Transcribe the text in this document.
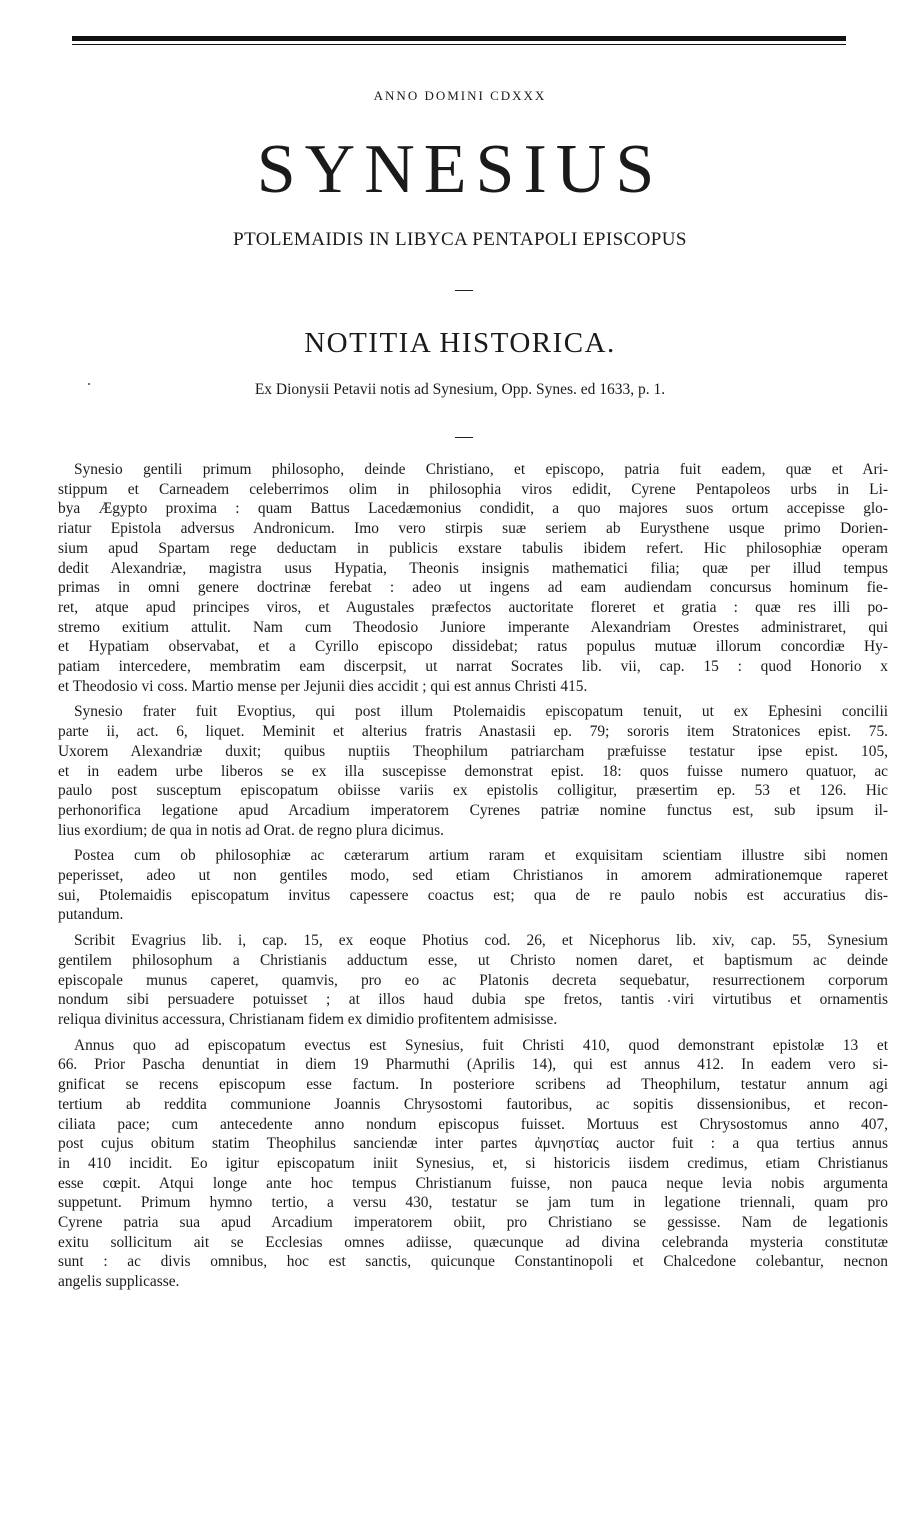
ANNO DOMINI CDXXX
SYNESIUS
PTOLEMAIDIS IN LIBYCA PENTAPOLI EPISCOPUS
NOTITIA HISTORICA.
Ex Dionysii Petavii notis ad Synesium, Opp. Synes. ed 1633, p. 1.

Synesio gentili primum philosopho, deinde Christiano, et episcopo, patria fuit eadem, quæ et Ari-
stippum et Carneadem celeberrimos olim in philosophia viros edidit, Cyrene Pentapoleos urbs in Li-
bya Ægypto proxima : quam Battus Lacedæmonius condidit, a quo majores suos ortum accepisse glo-
riatur Epistola adversus Andronicum. Imo vero stirpis suæ seriem ab Eurysthene usque primo Dorien-
sium apud Spartam rege deductam in publicis exstare tabulis ibidem refert. Hic philosophiæ operam
dedit Alexandriæ, magistra usus Hypatia, Theonis insignis mathematici filia; quæ per illud tempus
primas in omni genere doctrinæ ferebat : adeo ut ingens ad eam audiendam concursus hominum fie-
ret, atque apud principes viros, et Augustales præfectos auctoritate floreret et gratia : quæ res illi po-
stremo exitium attulit. Nam cum Theodosio Juniore imperante Alexandriam Orestes administraret, qui
et Hypatiam observabat, et a Cyrillo episcopo dissidebat; ratus populus mutuæ illorum concordiæ Hy-
patiam intercedere, membratim eam discerpsit, ut narrat Socrates lib. vii, cap. 15 : quod Honorio x
et Theodosio vi coss. Martio mense per Jejunii dies accidit ; qui est annus Christi 415.

Synesio frater fuit Evoptius, qui post illum Ptolemaidis episcopatum tenuit, ut ex Ephesini concilii
parte ii, act. 6, liquet. Meminit et alterius fratris Anastasii ep. 79; sororis item Stratonices epist. 75.
Uxorem Alexandriæ duxit; quibus nuptiis Theophilum patriarcham præfuisse testatur ipse epist. 105,
et in eadem urbe liberos se ex illa suscepisse demonstrat epist. 18: quos fuisse numero quatuor, ac
paulo post susceptum episcopatum obiisse variis ex epistolis colligitur, præsertim ep. 53 et 126. Hic
perhonorifica legatione apud Arcadium imperatorem Cyrenes patriæ nomine functus est, sub ipsum il-
lius exordium; de qua in notis ad Orat. de regno plura dicimus.

Postea cum ob philosophiæ ac cæterarum artium raram et exquisitam scientiam illustre sibi nomen
peperisset, adeo ut non gentiles modo, sed etiam Christianos in amorem admirationemque raperet
sui, Ptolemaidis episcopatum invitus capessere coactus est; qua de re paulo nobis est accuratius dis-
putandum.

Scribit Evagrius lib. i, cap. 15, ex eoque Photius cod. 26, et Nicephorus lib. xiv, cap. 55, Synesium
gentilem philosophum a Christianis adductum esse, ut Christo nomen daret, et baptismum ac deinde
episcopale munus caperet, quamvis, pro eo ac Platonis decreta sequebatur, resurrectionem corporum
nondum sibi persuadere potuisset ; at illos haud dubia spe fretos, tantis viri virtutibus et ornamentis
reliqua divinitus accessura, Christianam fidem ex dimidio profitentem admisisse.

Annus quo ad episcopatum evectus est Synesius, fuit Christi 410, quod demonstrant epistolæ 13 et
66. Prior Pascha denuntiat in diem 19 Pharmuthi (Aprilis 14), qui est annus 412. In eadem vero si-
gnificat se recens episcopum esse factum. In posteriore scribens ad Theophilum, testatur annum agi
tertium ab reddita communione Joannis Chrysostomi fautoribus, ac sopitis dissensionibus, et recon-
ciliata pace; cum antecedente anno nondum episcopus fuisset. Mortuus est Chrysostomus anno 407,
post cujus obitum statim Theophilus sanciendæ inter partes ἀμνηστίας auctor fuit : a qua tertius annus
in 410 incidit. Eo igitur episcopatum iniit Synesius, et, si historicis iisdem credimus, etiam Christianus
esse cœpit. Atqui longe ante hoc tempus Christianum fuisse, non pauca neque levia nobis argumenta
suppetunt. Primum hymno tertio, a versu 430, testatur se jam tum in legatione triennali, quam pro
Cyrene patria sua apud Arcadium imperatorem obiit, pro Christiano se gessisse. Nam de legationis
exitu sollicitum ait se Ecclesias omnes adiisse, quæcunque ad divina celebranda mysteria constitutæ
sunt : ac divis omnibus, hoc est sanctis, quicunque Constantinopoli et Chalcedone colebantur, necnon
angelis supplicasse.
